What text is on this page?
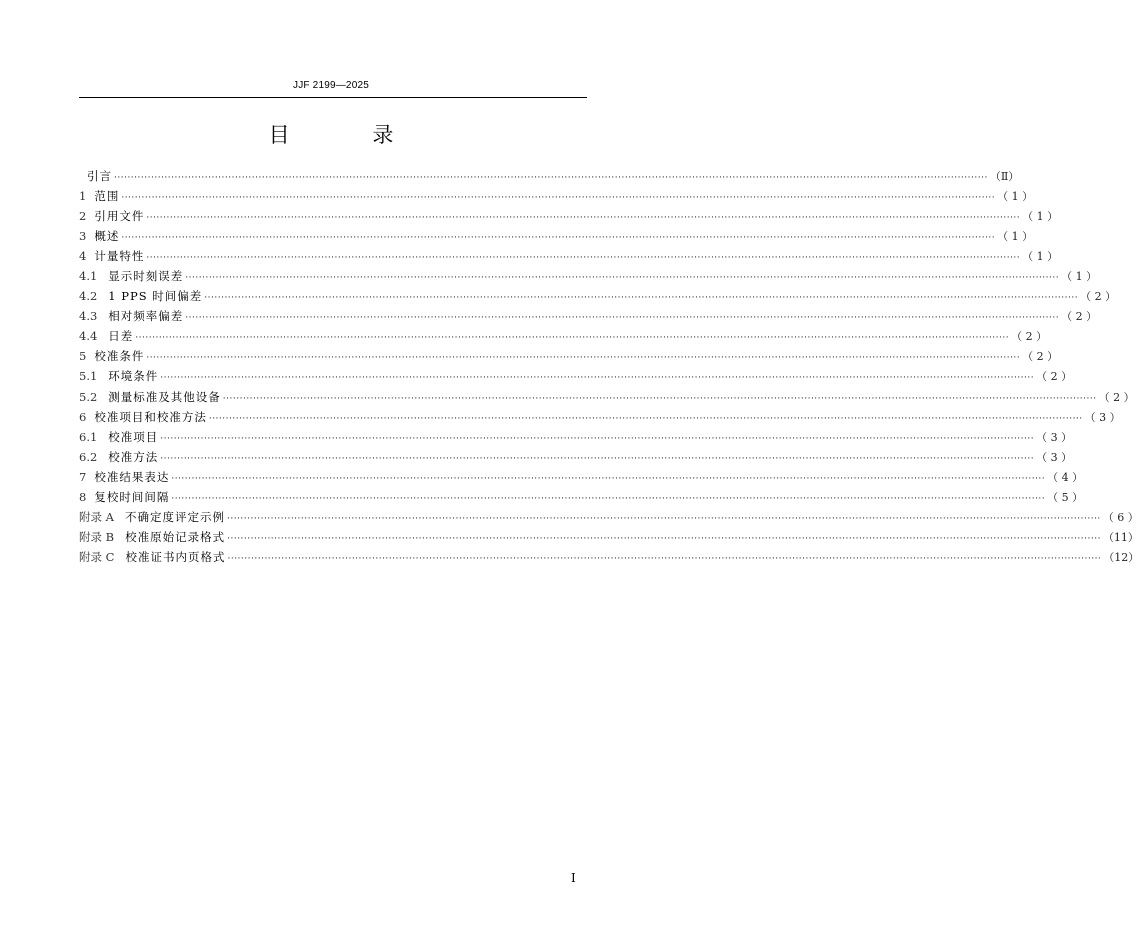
JJF 2199—2025
目 录
引言 ···································································································································································································································································· （Ⅱ）
1 范围 ···································································································································································································································································· （ 1 ）
2 引用文件 ···································································································································································································································································· （ 1 ）
3 概述 ···································································································································································································································································· （ 1 ）
4 计量特性 ···································································································································································································································································· （ 1 ）
4.1 显示时刻误差 ···································································································································································································································································· （ 1 ）
4.2 1 PPS 时间偏差 ···································································································································································································································································· （ 2 ）
4.3 相对频率偏差 ···································································································································································································································································· （ 2 ）
4.4 日差 ···································································································································································································································································· （ 2 ）
5 校准条件 ···································································································································································································································································· （ 2 ）
5.1 环境条件 ···································································································································································································································································· （ 2 ）
5.2 测量标准及其他设备 ···································································································································································································································································· （ 2 ）
6 校准项目和校准方法 ···································································································································································································································································· （ 3 ）
6.1 校准项目 ···································································································································································································································································· （ 3 ）
6.2 校准方法 ···································································································································································································································································· （ 3 ）
7 校准结果表达 ···································································································································································································································································· （ 4 ）
8 复校时间间隔 ···································································································································································································································································· （ 5 ）
附录 A 不确定度评定示例 ···································································································································································································································································· （ 6 ）
附录 B 校准原始记录格式 ···································································································································································································································································· （11）
附录 C 校准证书内页格式 ···································································································································································································································································· （12）
Ⅰ
